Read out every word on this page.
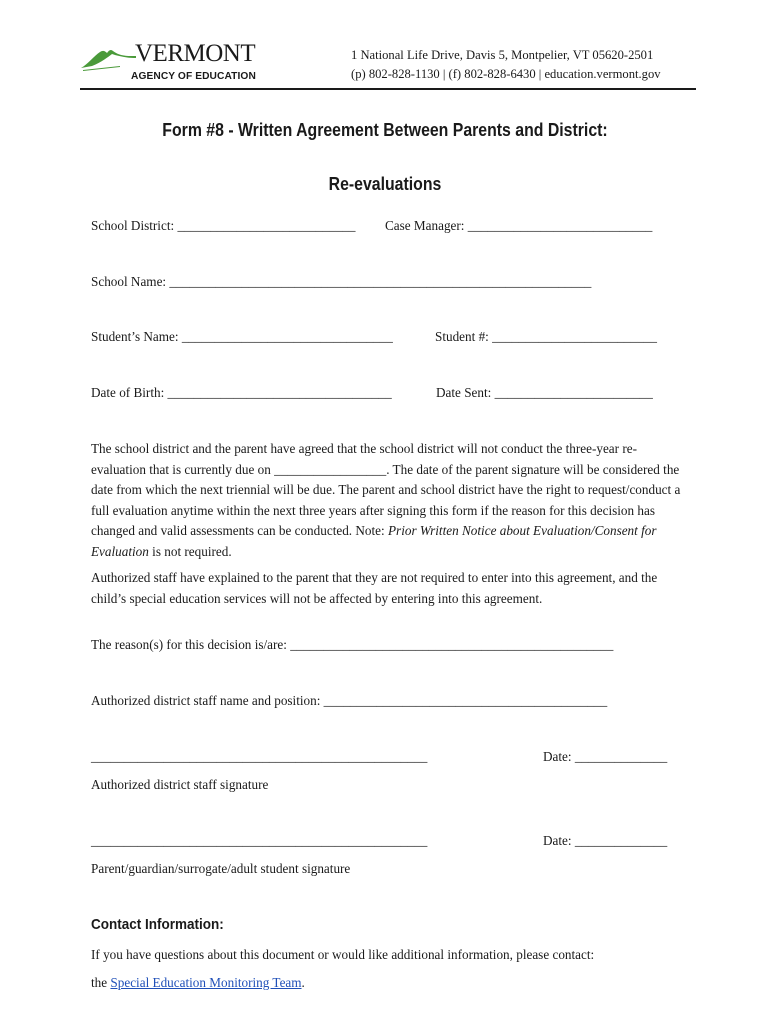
VERMONT
AGENCY OF EDUCATION
1 National Life Drive, Davis 5, Montpelier, VT 05620-2501
(p) 802-828-1130 | (f) 802-828-6430 | education.vermont.gov
Form #8 - Written Agreement Between Parents and District:
Re-evaluations
School District: ___________________________ Case Manager: ____________________________
School Name: ________________________________________________________________
Student’s Name: ________________________________	Student #: _________________________
Date of Birth: __________________________________	Date Sent: ________________________

The school district and the parent have agreed that the school district will not conduct the three-year re-evaluation that is currently due on _________________. The date of the parent signature will be considered the date from which the next triennial will be due. The parent and school district have the right to request/conduct a full evaluation anytime within the next three years after signing this form if the reason for this decision has changed and valid assessments can be conducted. Note: Prior Written Notice about Evaluation/Consent for Evaluation is not required.

Authorized staff have explained to the parent that they are not required to enter into this agreement, and the child’s special education services will not be affected by entering into this agreement.

The reason(s) for this decision is/are: _________________________________________________
Authorized district staff name and position: ___________________________________________
___________________________________________________	Date: ______________
Authorized district staff signature
___________________________________________________	Date: ______________
Parent/guardian/surrogate/adult student signature
Contact Information:
If you have questions about this document or would like additional information, please contact:
the Special Education Monitoring Team.
